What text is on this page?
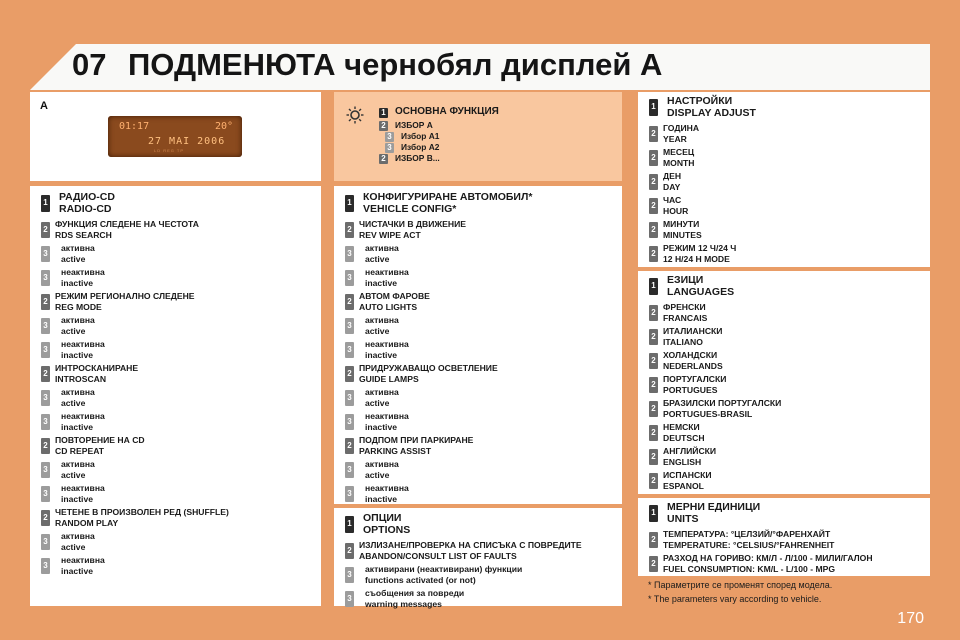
07 ПОДМЕНЮТА чернобял дисплей A
A
01:17	20°
27 MAI 2006
LD REG TP
1 ОСНОВНА ФУНКЦИЯ
2 ИЗБОР А
3 Избор А1
3 Избор А2
2 ИЗБОР В...
1 РАДИО-CD
RADIO-CD
2
ФУНКЦИЯ СЛЕДЕНЕ НА ЧЕСТОТА
RDS SEARCH
3
активна
active
3
неактивна
inactive
2
РЕЖИМ РЕГИОНАЛНО СЛЕДЕНЕ
REG MODE
3
активна
active
3
неактивна
inactive
2
ИНТРОСКАНИРАНЕ
INTROSCAN
3
активна
active
3
неактивна
inactive
2
ПОВТОРЕНИЕ НА CD
CD REPEAT
3
активна
active
3
неактивна
inactive
2
ЧЕТЕНЕ В ПРОИЗВОЛЕН РЕД (SHUFFLE)
RANDOM PLAY
3
активна
active
3
неактивна
inactive
1 КОНФИГУРИРАНЕ АВТОМОБИЛ*
VEHICLE CONFIG*
2
ЧИСТАЧКИ В ДВИЖЕНИЕ
REV WIPE ACT
3
активна
active
3
неактивна
inactive
2
АВТОМ ФАРОВЕ
AUTO LIGHTS
3
активна
active
3
неактивна
inactive
2
ПРИДРУЖАВАЩО ОСВЕТЛЕНИЕ
GUIDE LAMPS
3
активна
active
3
неактивна
inactive
2
ПОДПОМ ПРИ ПАРКИРАНЕ
PARKING ASSIST
3
активна
active
3
неактивна
inactive
1 ОПЦИИ
OPTIONS
2
ИЗЛИЗАНЕ/ПРОВЕРКА НА СПИСЪКА С ПОВРЕДИТЕ
ABANDON/CONSULT LIST OF FAULTS
3
активирани (неактивирани) функции
functions activated (or not)
3
съобщения за повреди
warning messages
1 НАСТРОЙКИ
DISPLAY ADJUST
2
ГОДИНА
YEAR
2
МЕСЕЦ
MONTH
2
ДЕН
DAY
2
ЧАС
HOUR
2
МИНУТИ
MINUTES
2
РЕЖИМ 12 Ч/24 Ч
12 H/24 H MODE
1 ЕЗИЦИ
LANGUAGES
2
ФРЕНСКИ
FRANCAIS
2
ИТАЛИАНСКИ
ITALIANO
2
ХОЛАНДСКИ
NEDERLANDS
2
ПОРТУГАЛСКИ
PORTUGUES
2
БРАЗИЛСКИ ПОРТУГАЛСКИ
PORTUGUES-BRASIL
2
НЕМСКИ
DEUTSCH
2
АНГЛИЙСКИ
ENGLISH
2
ИСПАНСКИ
ESPANOL
1 МЕРНИ ЕДИНИЦИ
UNITS
2
ТЕМПЕРАТУРА: °ЦЕЛЗИЙ/°ФАРЕНХАЙТ
TEMPERATURE: °CELSIUS/°FAHRENHEIT
2
РАЗХОД НА ГОРИВО: КМ/Л - Л/100 - МИЛИ/ГАЛОН
FUEL CONSUMPTION: KM/L - L/100 - MPG
* Параметрите се променят според модела.
* The parameters vary according to vehicle.
170
